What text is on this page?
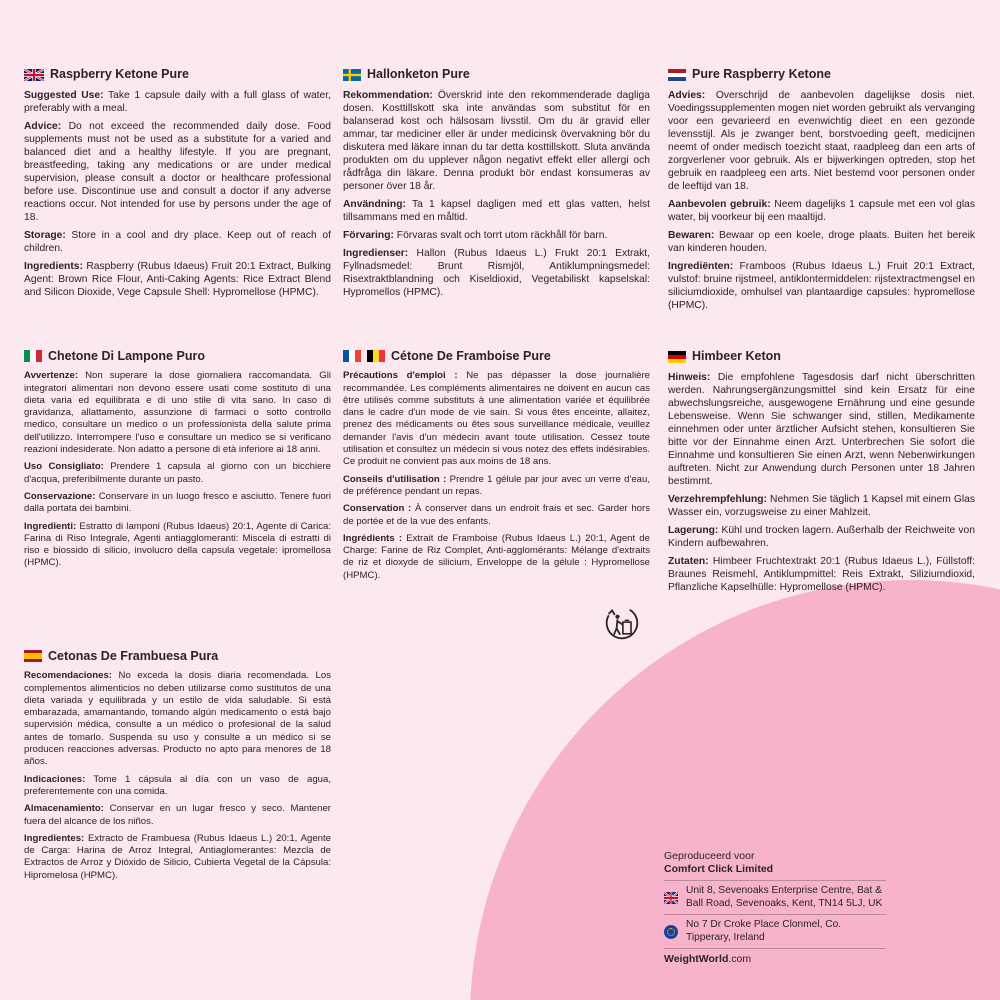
Raspberry Ketone Pure

Suggested Use: Take 1 capsule daily with a full glass of water, preferably with a meal.

Advice: Do not exceed the recommended daily dose. Food supplements must not be used as a substitute for a varied and balanced diet and a healthy lifestyle. If you are pregnant, breastfeeding, taking any medications or are under medical supervision, please consult a doctor or healthcare professional before use. Discontinue use and consult a doctor if any adverse reactions occur. Not intended for use by persons under the age of 18.

Storage: Store in a cool and dry place. Keep out of reach of children.

Ingredients: Raspberry (Rubus Idaeus) Fruit 20:1 Extract, Bulking Agent: Brown Rice Flour, Anti-Caking Agents: Rice Extract Blend and Silicon Dioxide, Vege Capsule Shell: Hypromellose (HPMC).

Hallonketon Pure

Rekommendation: Överskrid inte den rekommenderade dagliga dosen. Kosttillskott ska inte användas som substitut för en balanserad kost och hälsosam livsstil. Om du är gravid eller ammar, tar mediciner eller är under medicinsk övervakning bör du diskutera med läkare innan du tar detta kosttillskott. Sluta använda produkten om du upplever någon negativt effekt eller allergi och rådfråga din läkare. Denna produkt bör endast konsumeras av personer över 18 år.

Användning: Ta 1 kapsel dagligen med ett glas vatten, helst tillsammans med en måltid.

Förvaring: Förvaras svalt och torrt utom räckhåll för barn.

Ingredienser: Hallon (Rubus Idaeus L.) Frukt 20:1 Extrakt, Fyllnadsmedel: Brunt Rismjöl, Antiklumpningsmedel: Risextraktblandning och Kiseldioxid, Vegetabiliskt kapselskal: Hypromellos (HPMC).

Pure Raspberry Ketone

Advies: Overschrijd de aanbevolen dagelijkse dosis niet. Voedingssupplementen mogen niet worden gebruikt als vervanging voor een gevarieerd en evenwichtig dieet en een gezonde levensstijl. Als je zwanger bent, borstvoeding geeft, medicijnen neemt of onder medisch toezicht staat, raadpleeg dan een arts of zorgverlener voor gebruik. Als er bijwerkingen optreden, stop het gebruik en raadpleeg een arts. Niet bestemd voor personen onder de leeftijd van 18.

Aanbevolen gebruik: Neem dagelijks 1 capsule met een vol glas water, bij voorkeur bij een maaltijd.

Bewaren: Bewaar op een koele, droge plaats. Buiten het bereik van kinderen houden.

Ingrediënten: Framboos (Rubus Idaeus L.) Fruit 20:1 Extract, vulstof: bruine rijstmeel, antiklontermiddelen: rijstextractmengsel en siliciumdioxide, omhulsel van plantaardige capsules: hypromellose (HPMC).

Chetone Di Lampone Puro

Avvertenze: Non superare la dose giornaliera raccomandata. Gli integratori alimentari non devono essere usati come sostituto di una dieta varia ed equilibrata e di uno stile di vita sano. In caso di gravidanza, allattamento, assunzione di farmaci o sotto controllo medico, consultare un medico o un professionista della salute prima dell'utilizzo. Interrompere l'uso e consultare un medico se si verificano reazioni indesiderate. Non adatto a persone di età inferiore ai 18 anni.

Uso Consigliato: Prendere 1 capsula al giorno con un bicchiere d'acqua, preferibilmente durante un pasto.

Conservazione: Conservare in un luogo fresco e asciutto. Tenere fuori dalla portata dei bambini.

Ingredienti: Estratto di lamponi (Rubus Idaeus) 20:1, Agente di Carica: Farina di Riso Integrale, Agenti antiagglomeranti: Miscela di estratti di riso e biossido di silicio, involucro della capsula vegetale: ipromellosa (HPMC).

Cétone De Framboise Pure

Précautions d'emploi : Ne pas dépasser la dose journalière recommandée. Les compléments alimentaires ne doivent en aucun cas être utilisés comme substituts à une alimentation variée et équilibrée dans le cadre d'un mode de vie sain. Si vous êtes enceinte, allaitez, prenez des médicaments ou êtes sous surveillance médicale, veuillez demander l'avis d'un médecin avant toute utilisation. Cessez toute utilisation et consultez un médecin si vous notez des effets indésirables. Ce produit ne convient pas aux moins de 18 ans.

Conseils d'utilisation : Prendre 1 gélule par jour avec un verre d'eau, de préférence pendant un repas.

Conservation : À conserver dans un endroit frais et sec. Garder hors de portée et de la vue des enfants.

Ingrédients : Extrait de Framboise (Rubus Idaeus L.) 20:1, Agent de Charge: Farine de Riz Complet, Anti-agglomérants: Mélange d'extraits de riz et dioxyde de silicium, Enveloppe de la gélule : Hypromellose (HPMC).

Himbeer Keton

Hinweis: Die empfohlene Tagesdosis darf nicht überschritten werden. Nahrungsergänzungsmittel sind kein Ersatz für eine abwechslungsreiche, ausgewogene Ernährung und eine gesunde Lebensweise. Wenn Sie schwanger sind, stillen, Medikamente einnehmen oder unter ärztlicher Aufsicht stehen, konsultieren Sie bitte vor der Einnahme einen Arzt. Unterbrechen Sie sofort die Einnahme und konsultieren Sie einen Arzt, wenn Nebenwirkungen auftreten. Nicht zur Anwendung durch Personen unter 18 Jahren bestimmt.

Verzehrempfehlung: Nehmen Sie täglich 1 Kapsel mit einem Glas Wasser ein, vorzugsweise zu einer Mahlzeit.

Lagerung: Kühl und trocken lagern. Außerhalb der Reichweite von Kindern aufbewahren.

Zutaten: Himbeer Fruchtextrakt 20:1 (Rubus Idaeus L.), Füllstoff: Braunes Reismehl, Antiklumpmittel: Reis Extrakt, Siliziumdioxid, Pflanzliche Kapselhülle: Hypromellose (HPMC).

Cetonas De Frambuesa Pura

Recomendaciones: No exceda la dosis diaria recomendada. Los complementos alimenticios no deben utilizarse como sustitutos de una dieta variada y equilibrada y un estilo de vida saludable. Si está embarazada, amamantando, tomando algún medicamento o está bajo supervisión médica, consulte a un médico o profesional de la salud antes de tomarlo. Suspenda su uso y consulte a un médico si se producen reacciones adversas. Producto no apto para menores de 18 años.

Indicaciones: Tome 1 cápsula al día con un vaso de agua, preferentemente con una comida.

Almacenamiento: Conservar en un lugar fresco y seco. Mantener fuera del alcance de los niños.

Ingredientes: Extracto de Frambuesa (Rubus Idaeus L.) 20:1, Agente de Carga: Harina de Arroz Integral, Antiaglomerantes: Mezcla de Extractos de Arroz y Dióxido de Silicio, Cubierta Vegetal de la Cápsula: Hipromelosa (HPMC).

Geproduceerd voor
Comfort Click Limited
Unit 8, Sevenoaks Enterprise Centre, Bat & Ball Road, Sevenoaks, Kent, TN14 5LJ, UK
No 7 Dr Croke Place Clonmel, Co. Tipperary, Ireland
WeightWorld.com
